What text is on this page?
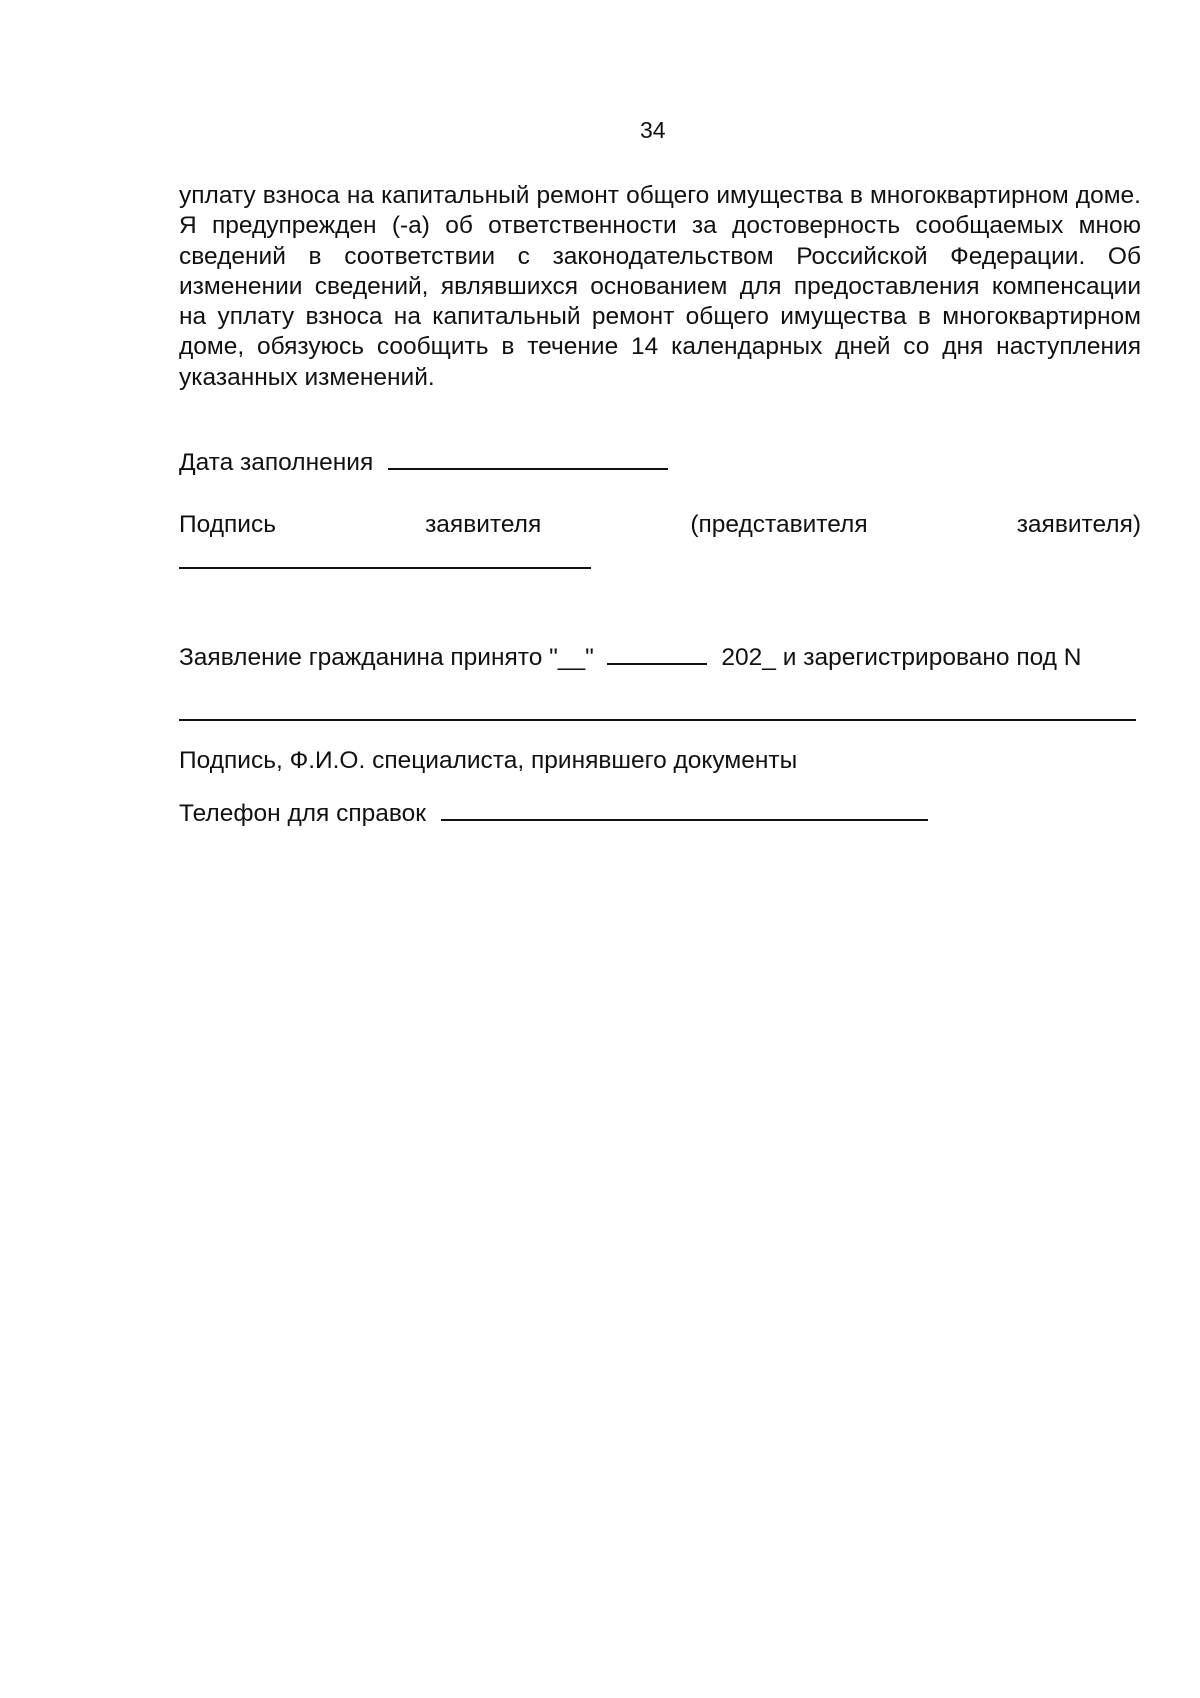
34
уплату взноса на капитальный ремонт общего имущества в многоквартирном доме. Я предупрежден (-а) об ответственности за достоверность сообщаемых мною сведений в соответствии с законодательством Российской Федерации. Об изменении сведений, являвшихся основанием для предоставления компенсации на уплату взноса на капитальный ремонт общего имущества в многоквартирном доме, обязуюсь сообщить в течение 14 календарных дней со дня наступления указанных изменений.
Дата заполнения
Подпись	заявителя	(представителя	заявителя)
Заявление гражданина принято "__"	202_ и зарегистрировано под N
Подпись, Ф.И.О. специалиста, принявшего документы
Телефон для справок
